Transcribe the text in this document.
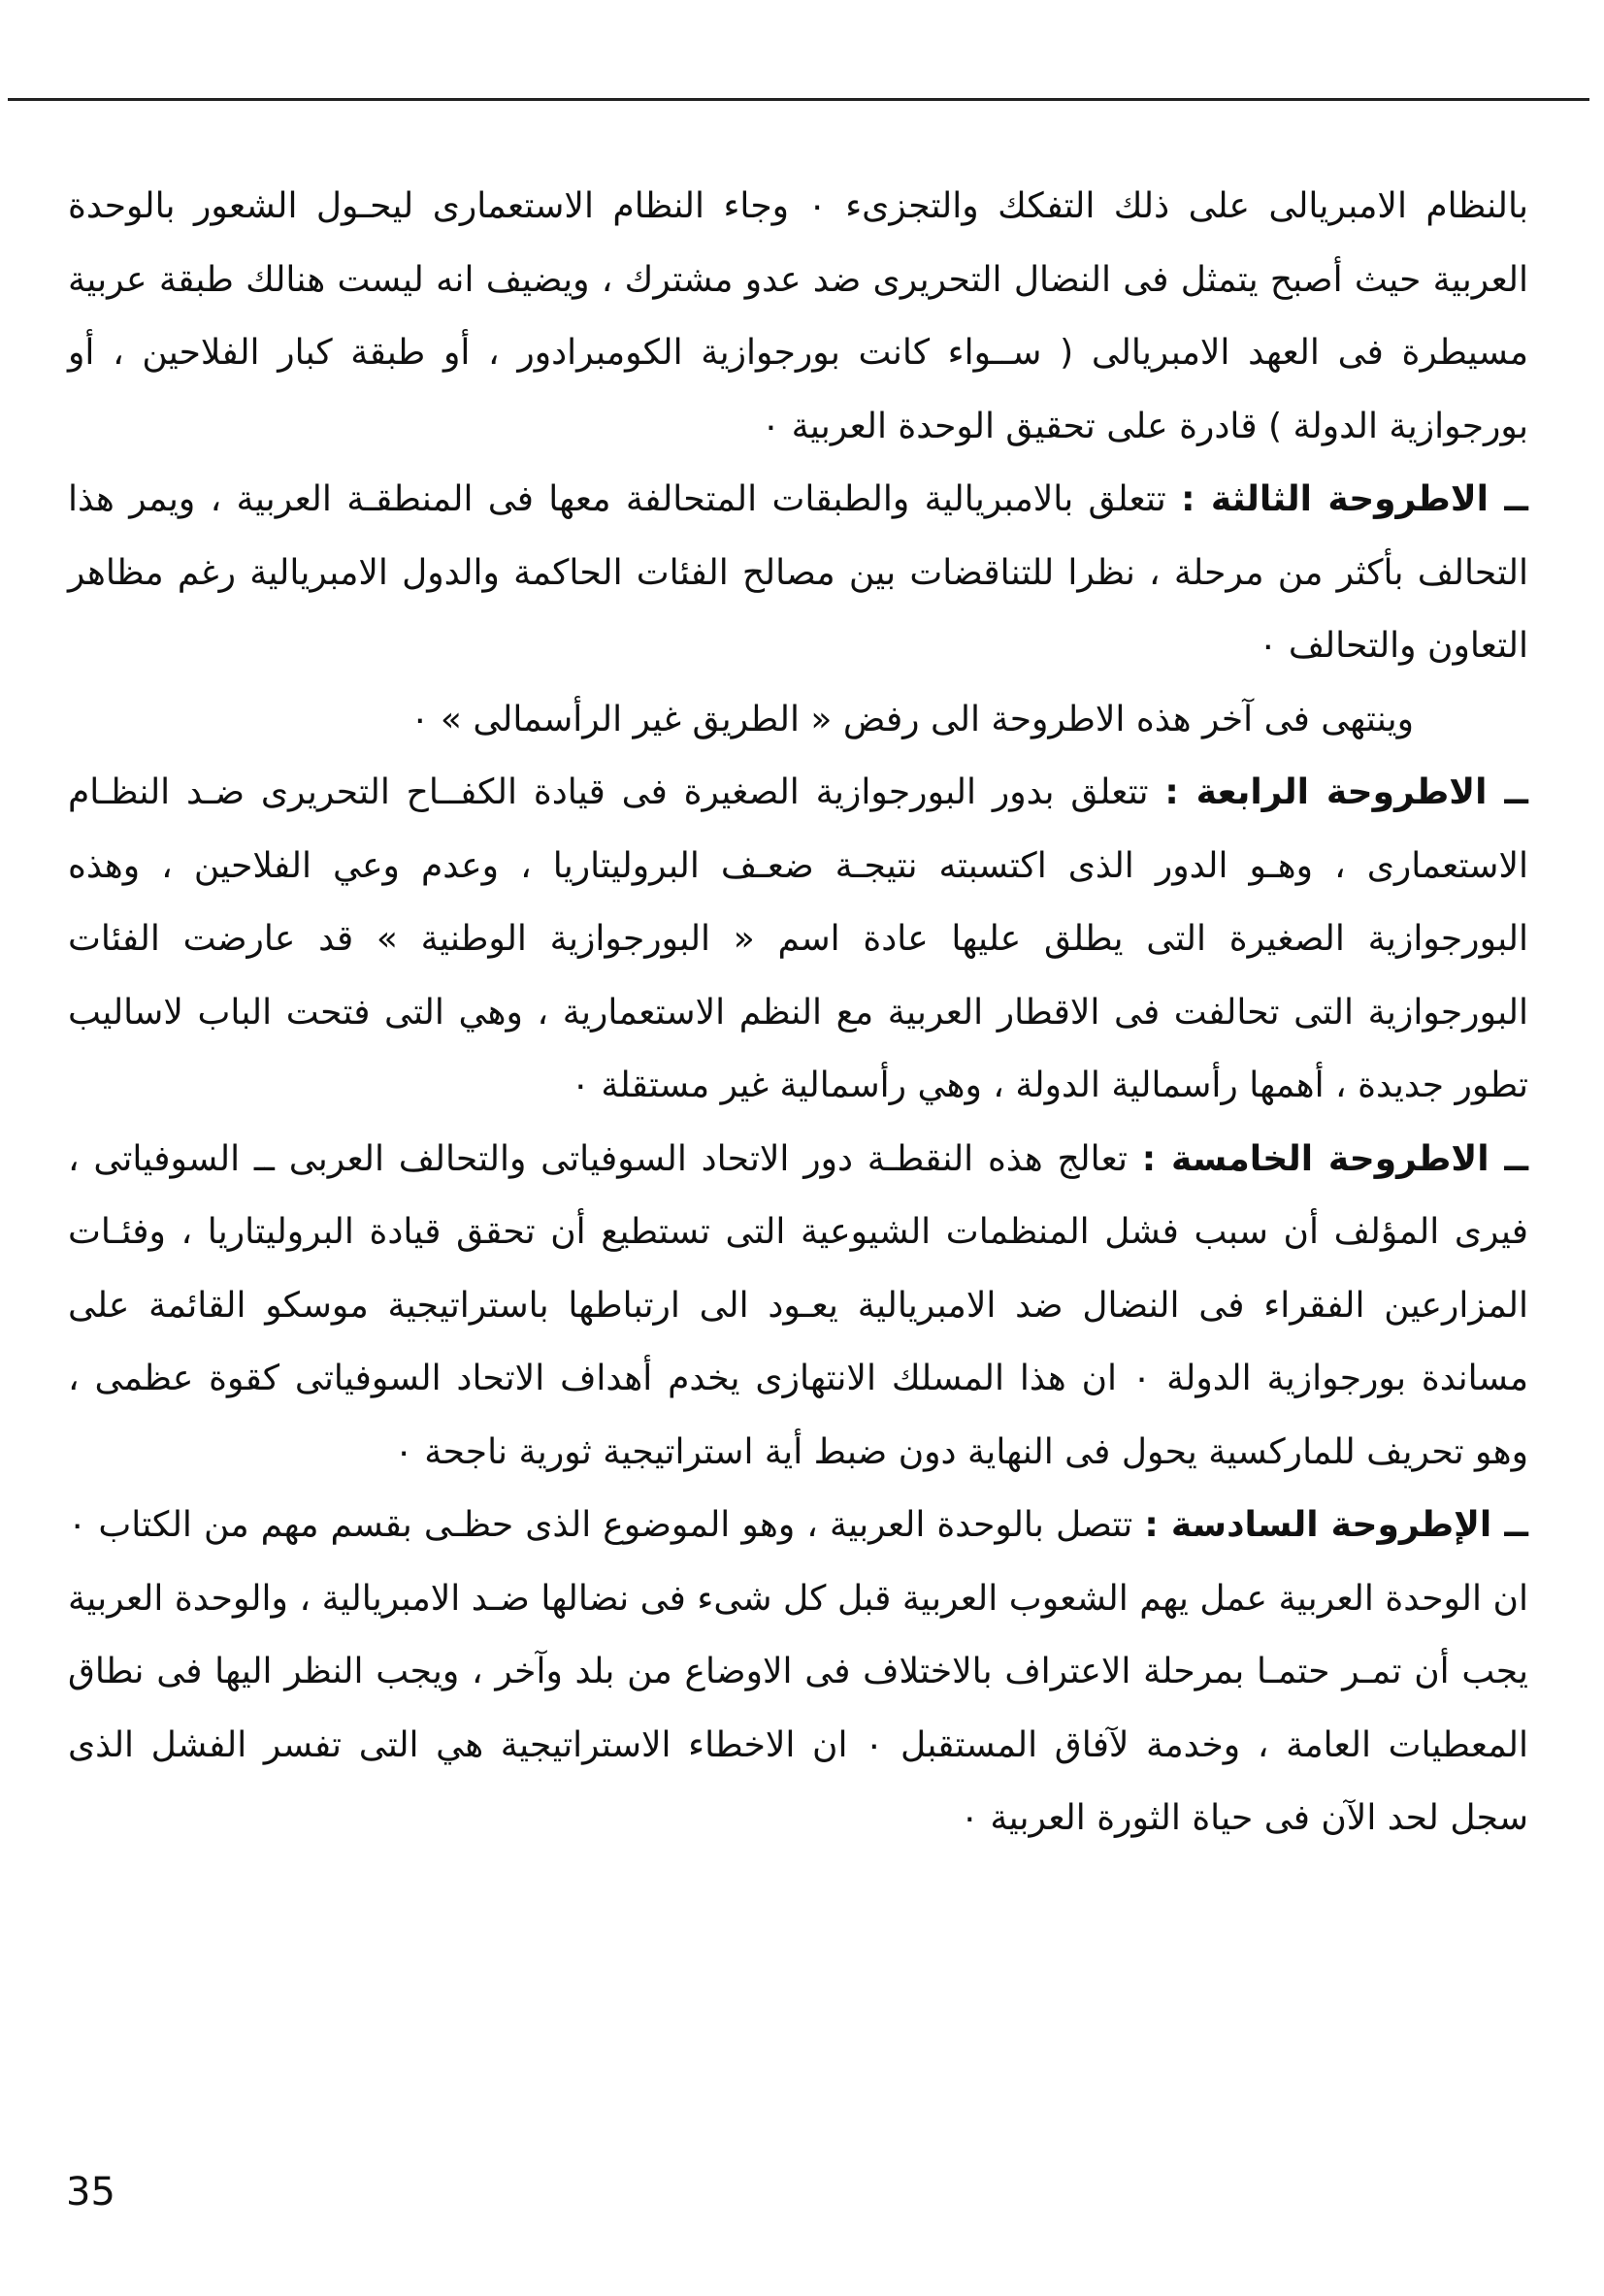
بالنظام الامبريالى على ذلك التفكك والتجزىء ٠ وجاء النظام الاستعمارى ليحـول الشعور بالوحدة العربية حيث أصبح يتمثل فى النضال التحريرى ضد عدو مشترك ، ويضيف انه ليست هنالك طبقة عربية مسيطرة فى العهد الامبريالى ( ســواء كانت بورجوازية الكومبرادور ، أو طبقة كبار الفلاحين ، أو بورجوازية الدولة ) قادرة على تحقيق الوحدة العربية ٠

ــ الاطروحة الثالثة : تتعلق بالامبريالية والطبقات المتحالفة معها فى المنطقـة العربية ، ويمر هذا التحالف بأكثر من مرحلة ، نظرا للتناقضات بين مصالح الفئات الحاكمة والدول الامبريالية رغم مظاهر التعاون والتحالف ٠

وينتهى فى آخر هذه الاطروحة الى رفض « الطريق غير الرأسمالى » ٠

ــ الاطروحة الرابعة : تتعلق بدور البورجوازية الصغيرة فى قيادة الكفــاح التحريرى ضـد النظـام الاستعمارى ، وهـو الدور الذى اكتسبته نتيجـة ضعـف البروليتاريا ، وعدم وعي الفلاحين ، وهذه البورجوازية الصغيرة التى يطلق عليها عادة اسم « البورجوازية الوطنية » قد عارضت الفئات البورجوازية التى تحالفت فى الاقطار العربية مع النظم الاستعمارية ، وهي التى فتحت الباب لاساليب تطور جديدة ، أهمها رأسمالية الدولة ، وهي رأسمالية غير مستقلة ٠

ــ الاطروحة الخامسة : تعالج هذه النقطـة دور الاتحاد السوفياتى والتحالف العربى ــ السوفياتى ، فيرى المؤلف أن سبب فشل المنظمات الشيوعية التى تستطيع أن تحقق قيادة البروليتاريا ، وفئـات المزارعين الفقراء فى النضال ضد الامبريالية يعـود الى ارتباطها باستراتيجية موسكو القائمة على مساندة بورجوازية الدولة ٠ ان هذا المسلك الانتهازى يخدم أهداف الاتحاد السوفياتى كقوة عظمى ، وهو تحريف للماركسية يحول فى النهاية دون ضبط أية استراتيجية ثورية ناجحة ٠

ــ الإطروحة السادسة : تتصل بالوحدة العربية ، وهو الموضوع الذى حظـى بقسم مهم من الكتاب ٠ ان الوحدة العربية عمل يهم الشعوب العربية قبل كل شىء فى نضالها ضـد الامبريالية ، والوحدة العربية يجب أن تمـر حتمـا بمرحلة الاعتراف بالاختلاف فى الاوضاع من بلد وآخر ، ويجب النظر اليها فى نطاق المعطيات العامة ، وخدمة لآفاق المستقبل ٠ ان الاخطاء الاستراتيجية هي التى تفسر الفشل الذى سجل لحد الآن فى حياة الثورة العربية ٠

35
